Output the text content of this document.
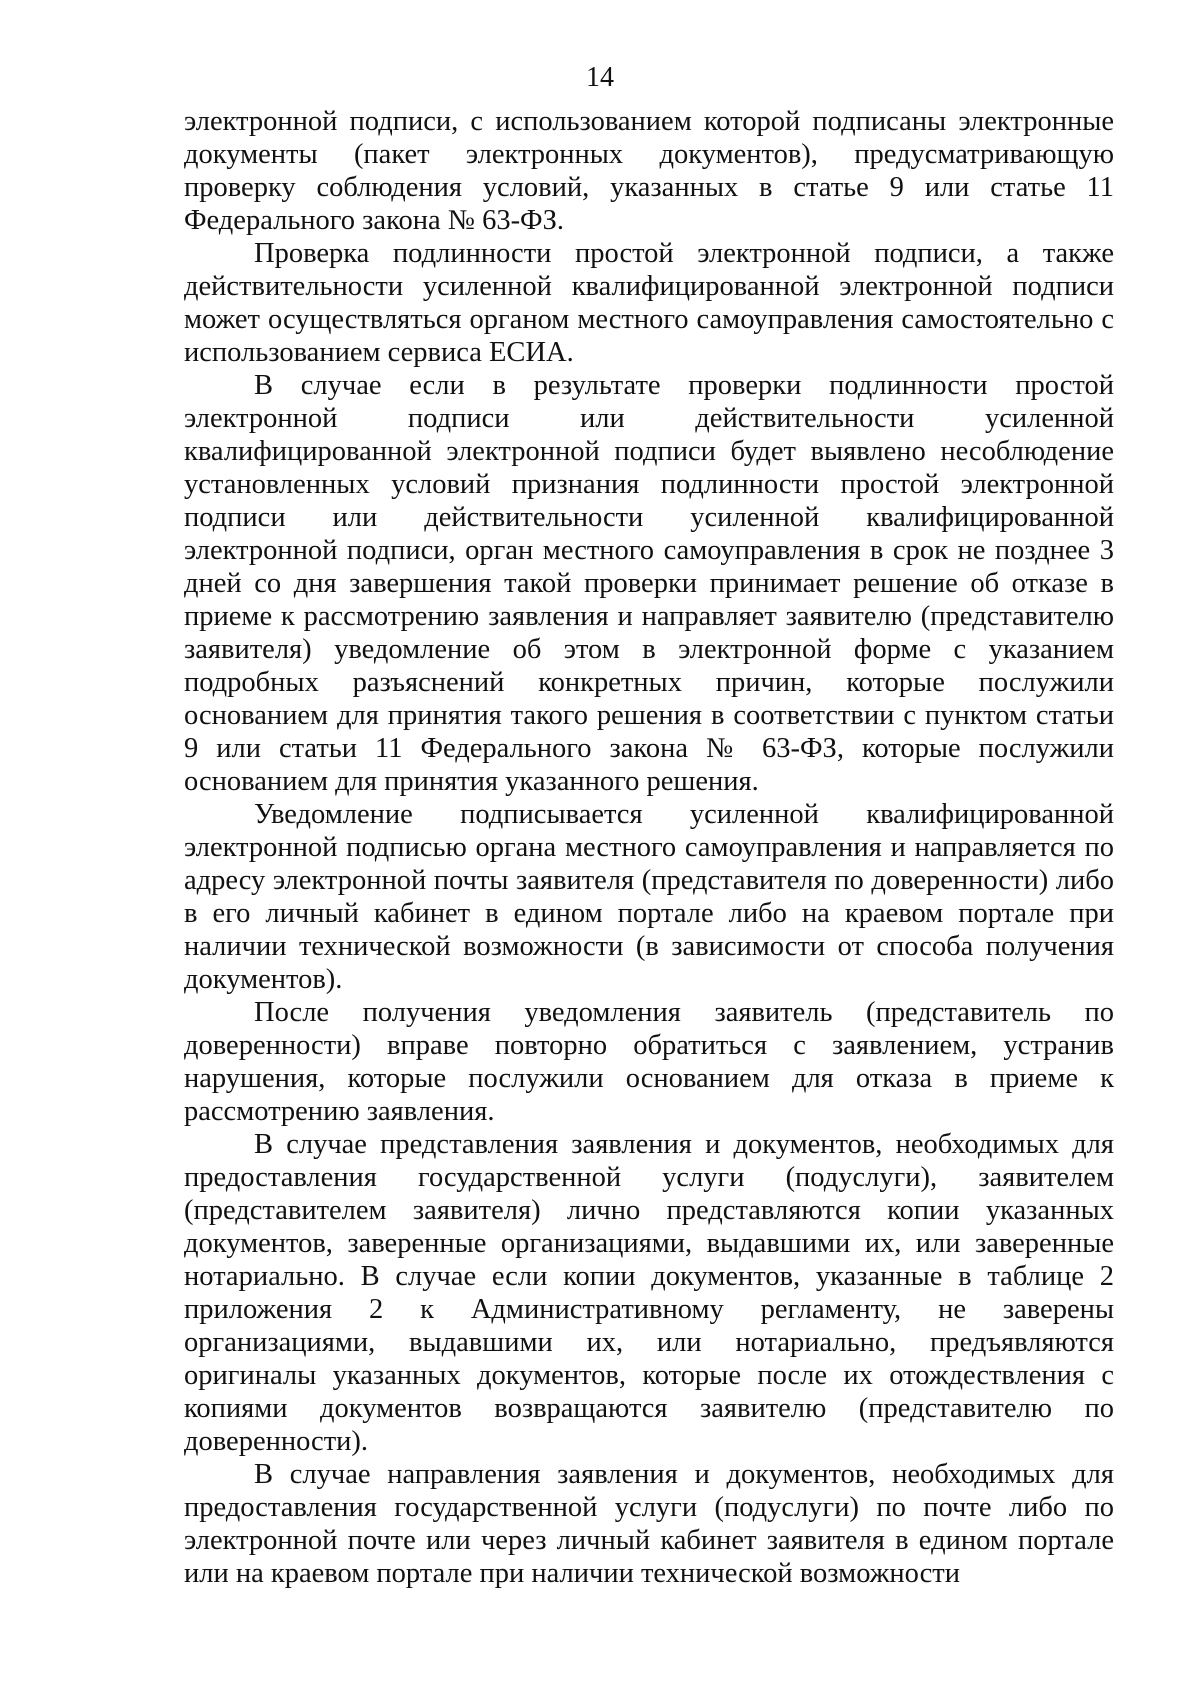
14

электронной подписи, с использованием которой подписаны электронные документы (пакет электронных документов), предусматривающую проверку соблюдения условий, указанных в статье 9 или статье 11 Федерального закона № 63-ФЗ.

Проверка подлинности простой электронной подписи, а также действительности усиленной квалифицированной электронной подписи может осуществляться органом местного самоуправления самостоятельно с использованием сервиса ЕСИА.

В случае если в результате проверки подлинности простой электронной подписи или действительности усиленной квалифицированной электронной подписи будет выявлено несоблюдение установленных условий признания подлинности простой электронной подписи или действительности усиленной квалифицированной электронной подписи, орган местного самоуправления в срок не позднее 3 дней со дня завершения такой проверки принимает решение об отказе в приеме к рассмотрению заявления и направляет заявителю (представителю заявителя) уведомление об этом в электронной форме с указанием подробных разъяснений конкретных причин, которые послужили основанием для принятия такого решения в соответствии с пунктом статьи 9 или статьи 11 Федерального закона № 63-ФЗ, которые послужили основанием для принятия указанного решения.

Уведомление подписывается усиленной квалифицированной электронной подписью органа местного самоуправления и направляется по адресу электронной почты заявителя (представителя по доверенности) либо в его личный кабинет в едином портале либо на краевом портале при наличии технической возможности (в зависимости от способа получения документов).

После получения уведомления заявитель (представитель по доверенности) вправе повторно обратиться с заявлением, устранив нарушения, которые послужили основанием для отказа в приеме к рассмотрению заявления.

В случае представления заявления и документов, необходимых для предоставления государственной услуги (подуслуги), заявителем (представителем заявителя) лично представляются копии указанных документов, заверенные организациями, выдавшими их, или заверенные нотариально. В случае если копии документов, указанные в таблице 2 приложения 2 к Административному регламенту, не заверены организациями, выдавшими их, или нотариально, предъявляются оригиналы указанных документов, которые после их отождествления с копиями документов возвращаются заявителю (представителю по доверенности).

В случае направления заявления и документов, необходимых для предоставления государственной услуги (подуслуги) по почте либо по электронной почте или через личный кабинет заявителя в едином портале или на краевом портале при наличии технической возможности
